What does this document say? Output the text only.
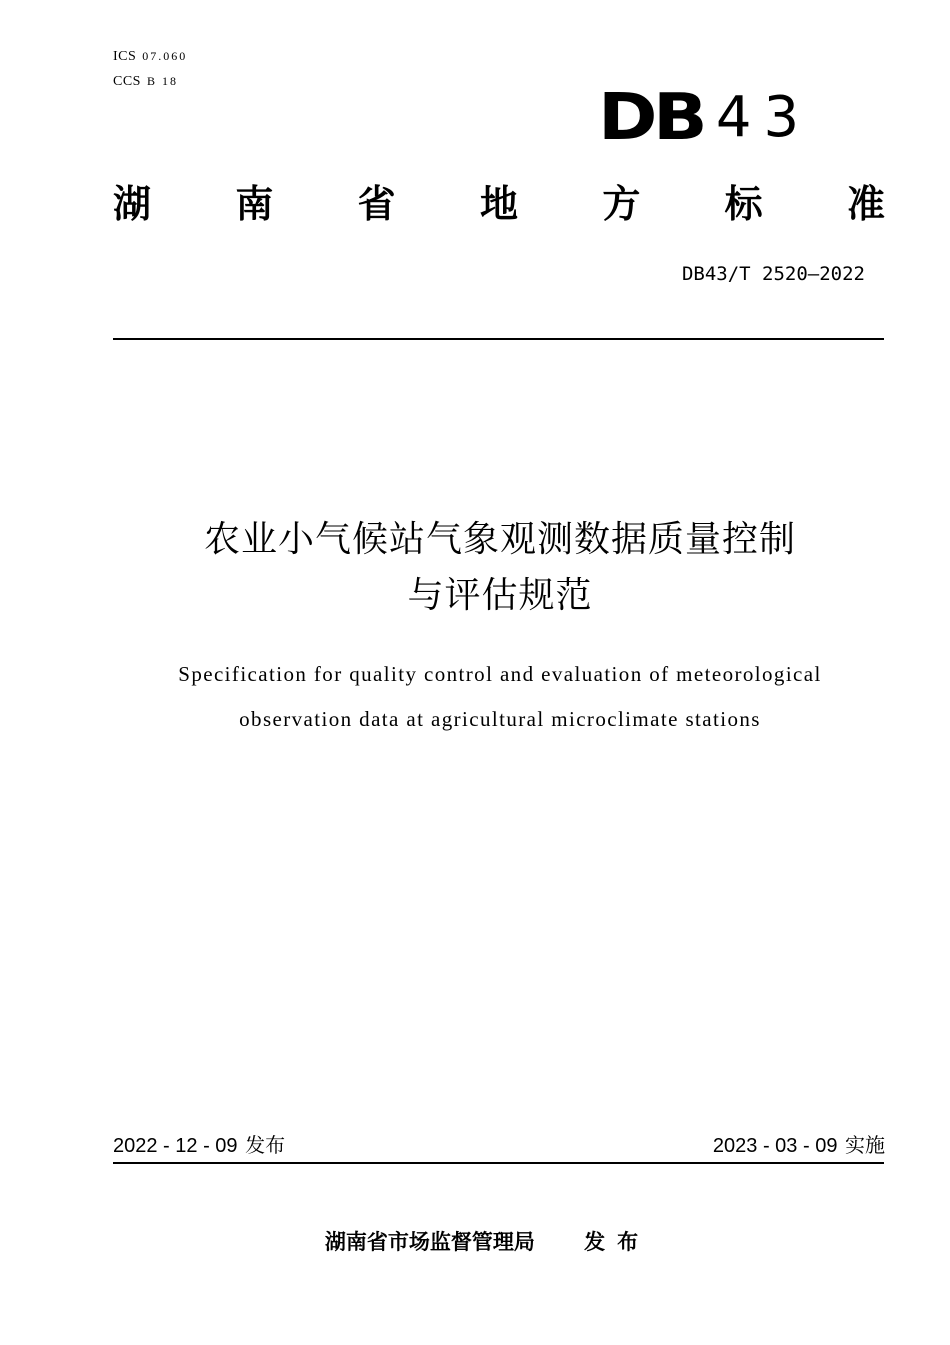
ICS 07.060
CCS B 18	DB 43
湖 南 省 地 方 标 准
DB43/T 2520—2022
农业小气候站气象观测数据质量控制
与评估规范
Specification for quality control and evaluation of meteorological
observation data at agricultural microclimate stations
2022 - 12 - 09 发布	2023 - 03 - 09 实施
湖南省市场监督管理局 发布
